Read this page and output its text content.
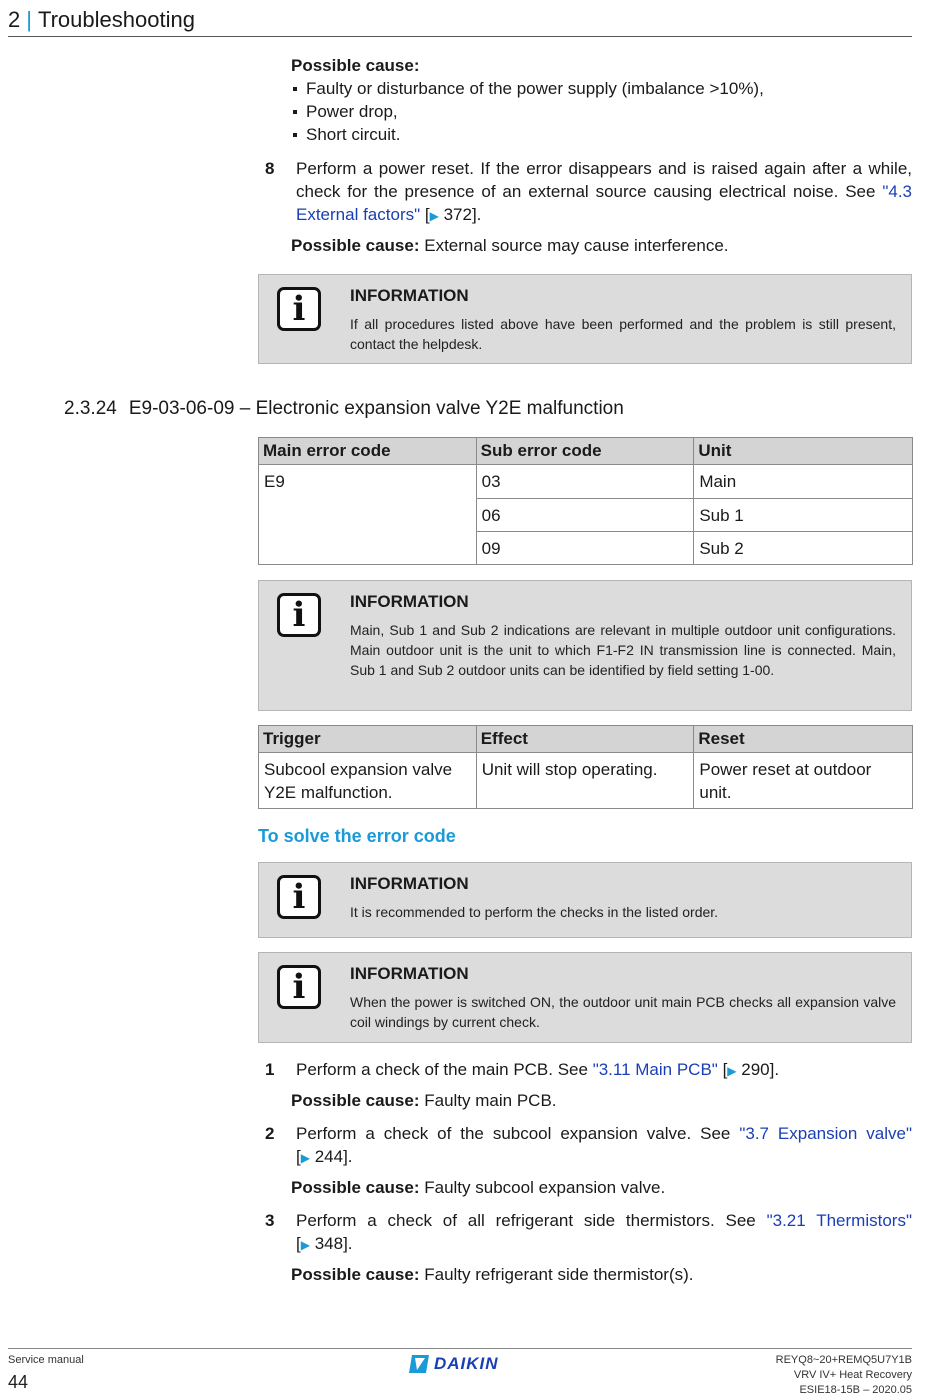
2 | Troubleshooting
Possible cause:
Faulty or disturbance of the power supply (imbalance >10%),
Power drop,
Short circuit.
8 Perform a power reset. If the error disappears and is raised again after a while, check for the presence of an external source causing electrical noise. See "4.3 External factors" [▶ 372].
Possible cause: External source may cause interference.
i	INFORMATION
If all procedures listed above have been performed and the problem is still present, contact the helpdesk.
2.3.24 E9-03-06-09 – Electronic expansion valve Y2E malfunction
Main error code	Sub error code	Unit
E9	03	Main
	06	Sub 1
	09	Sub 2
i	INFORMATION
Main, Sub 1 and Sub 2 indications are relevant in multiple outdoor unit configurations. Main outdoor unit is the unit to which F1-F2 IN transmission line is connected. Main, Sub 1 and Sub 2 outdoor units can be identified by field setting 1-00.
Trigger	Effect	Reset
Subcool expansion valve Y2E malfunction.	Unit will stop operating.	Power reset at outdoor unit.
To solve the error code
i	INFORMATION
It is recommended to perform the checks in the listed order.
i	INFORMATION
When the power is switched ON, the outdoor unit main PCB checks all expansion valve coil windings by current check.
1 Perform a check of the main PCB. See "3.11 Main PCB" [▶ 290].
Possible cause: Faulty main PCB.
2 Perform a check of the subcool expansion valve. See "3.7 Expansion valve" [▶ 244].
Possible cause: Faulty subcool expansion valve.
3 Perform a check of all refrigerant side thermistors. See "3.21 Thermistors" [▶ 348].
Possible cause: Faulty refrigerant side thermistor(s).
Service manual
44
DAIKIN	REYQ8~20+REMQ5U7Y1B
VRV IV+ Heat Recovery
ESIE18-15B – 2020.05
